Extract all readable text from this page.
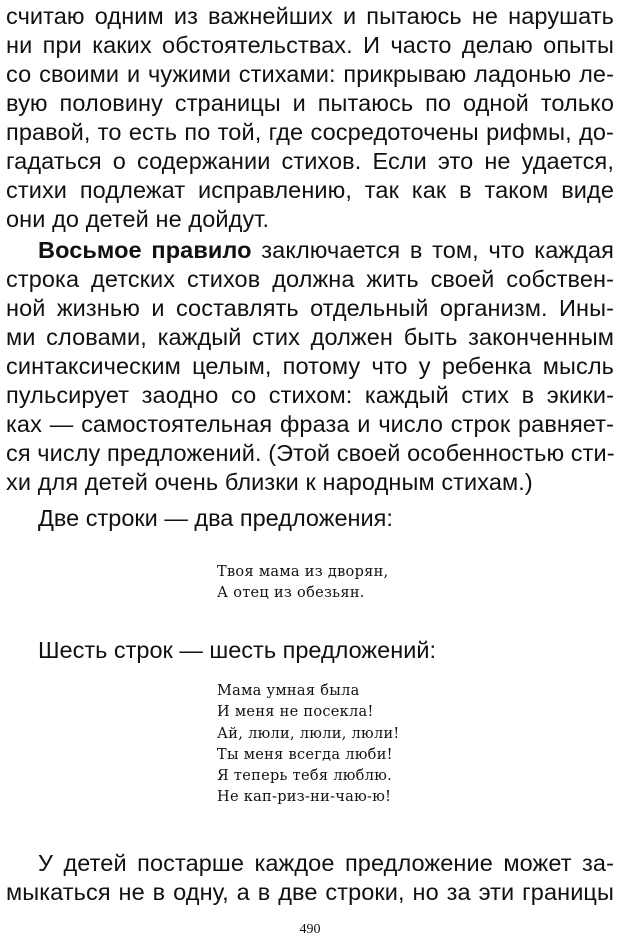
считаю одним из важнейших и пытаюсь не нарушать
ни при каких обстоятельствах. И часто делаю опыты
со своими и чужими стихами: прикрываю ладонью ле-
вую половину страницы и пытаюсь по одной только
правой, то есть по той, где сосредоточены рифмы, до-
гадаться о содержании стихов. Если это не удается,
стихи подлежат исправлению, так как в таком виде
они до детей не дойдут.
Восьмое правило заключается в том, что каждая
строка детских стихов должна жить своей собствен-
ной жизнью и составлять отдельный организм. Ины-
ми словами, каждый стих должен быть законченным
синтаксическим целым, потому что у ребенка мысль
пульсирует заодно со стихом: каждый стих в экики-
ках — самостоятельная фраза и число строк равняет-
ся числу предложений. (Этой своей особенностью сти-
хи для детей очень близки к народным стихам.)
Две строки — два предложения:
Твоя мама из дворян,
А отец из обезьян.
Шесть строк — шесть предложений:
Мама умная была
И меня не посекла!
Ай, люли, люли, люли!
Ты меня всегда люби!
Я теперь тебя люблю.
Не кап-риз-ни-чаю-ю!
У детей постарше каждое предложение может за-
мыкаться не в одну, а в две строки, но за эти границы
490
